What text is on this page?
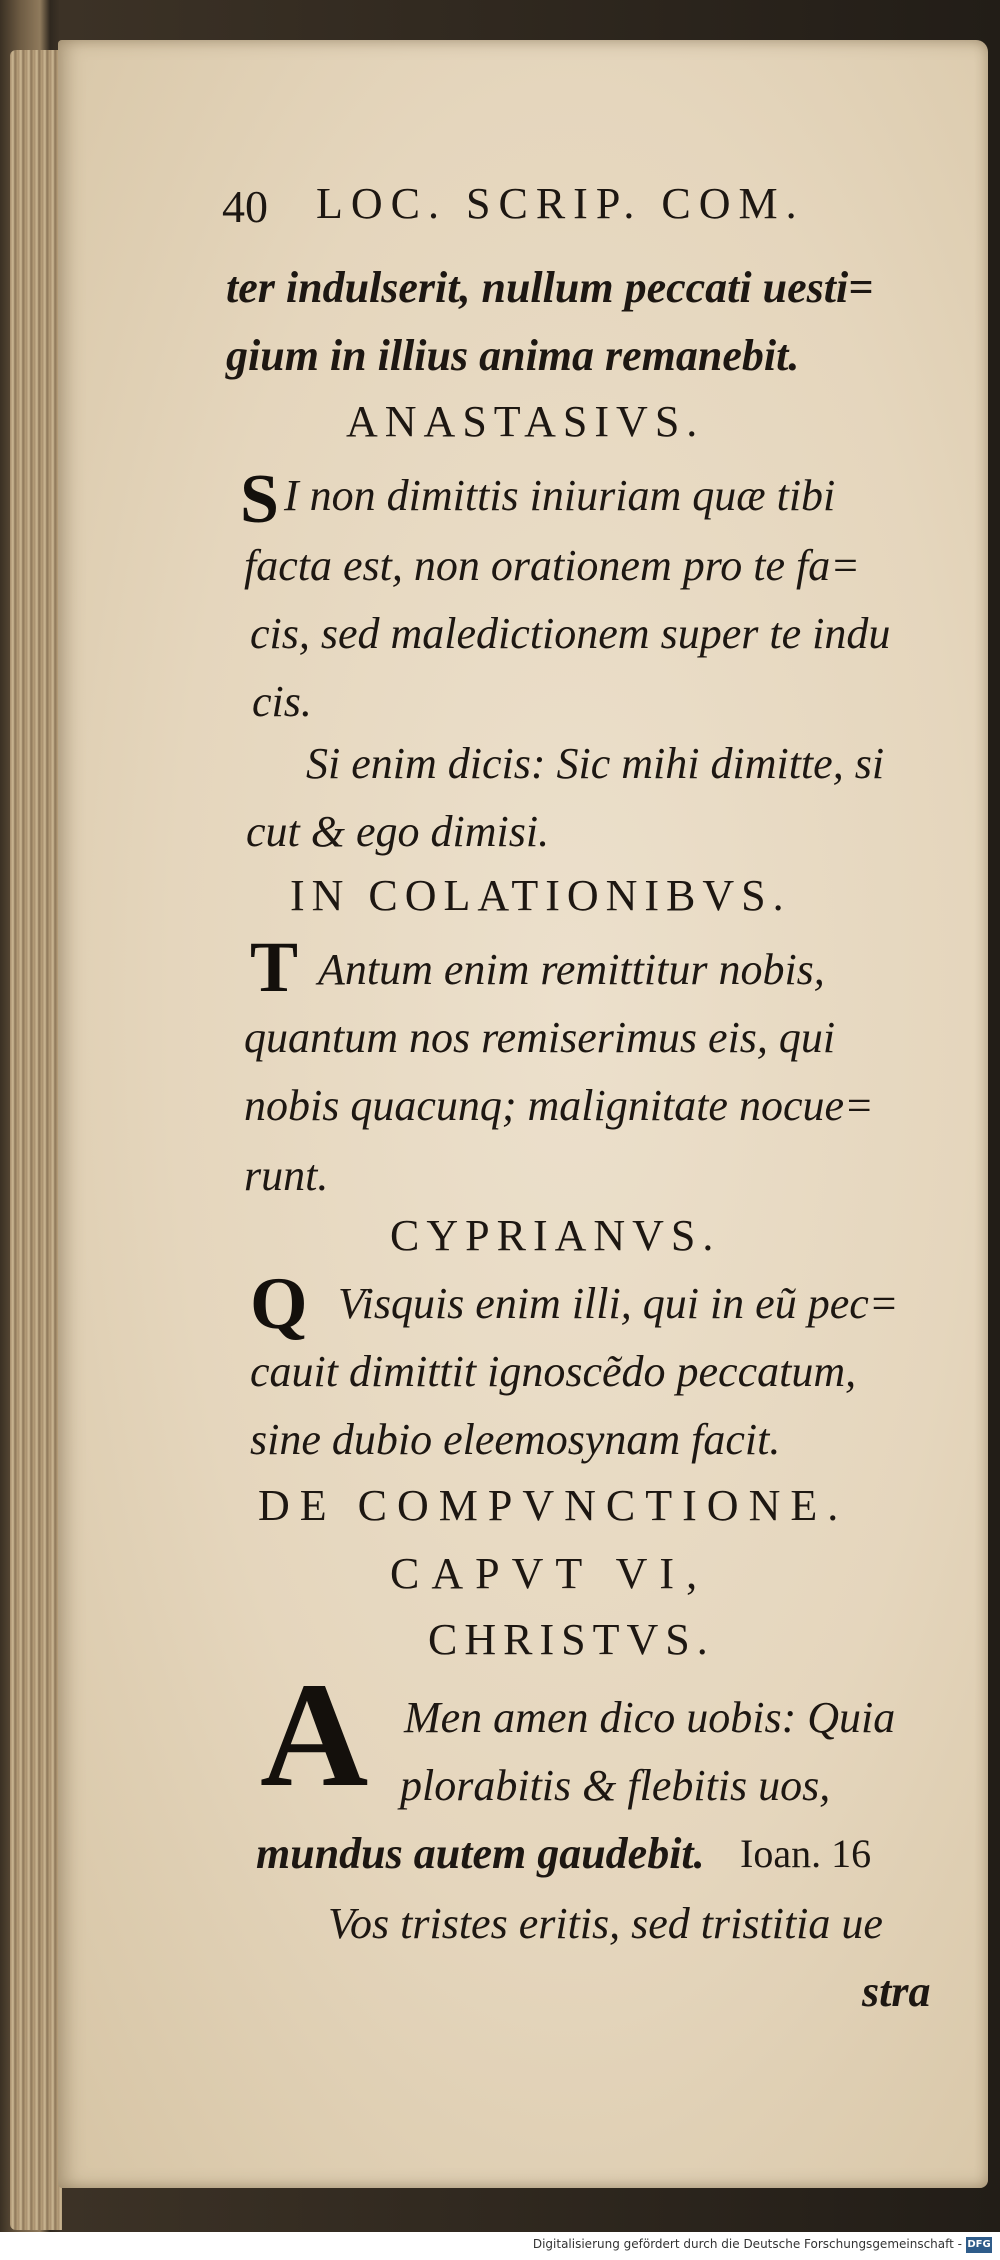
40 LOC. SCRIP. COM.
ter indulserit, nullum peccati uesti=
gium in illius anima remanebit.
ANASTASIVS.
S I non dimittis iniuriam quæ tibi
facta est, non orationem pro te fa=
cis, sed maledictionem super te indu
cis.
Si enim dicis: Sic mihi dimitte, si
cut & ego dimisi.
IN COLATIONIBVS.
T Antum enim remittitur nobis,
quantum nos remiserimus eis, qui
nobis quacunq; malignitate nocue=
runt.
CYPRIANVS.
Q Visquis enim illi, qui in eũ pec=
cauit dimittit ignoscẽdo peccatum,
sine dubio eleemosynam facit.
DE COMPVNCTIONE.
CAPVT VI,
CHRISTVS.
A Men amen dico uobis: Quia
plorabitis & flebitis uos,
mundus autem gaudebit. Ioan. 16
Vos tristes eritis, sed tristitia ue
stra
Digitalisierung gefördert durch die Deutsche Forschungsgemeinschaft - DFG
